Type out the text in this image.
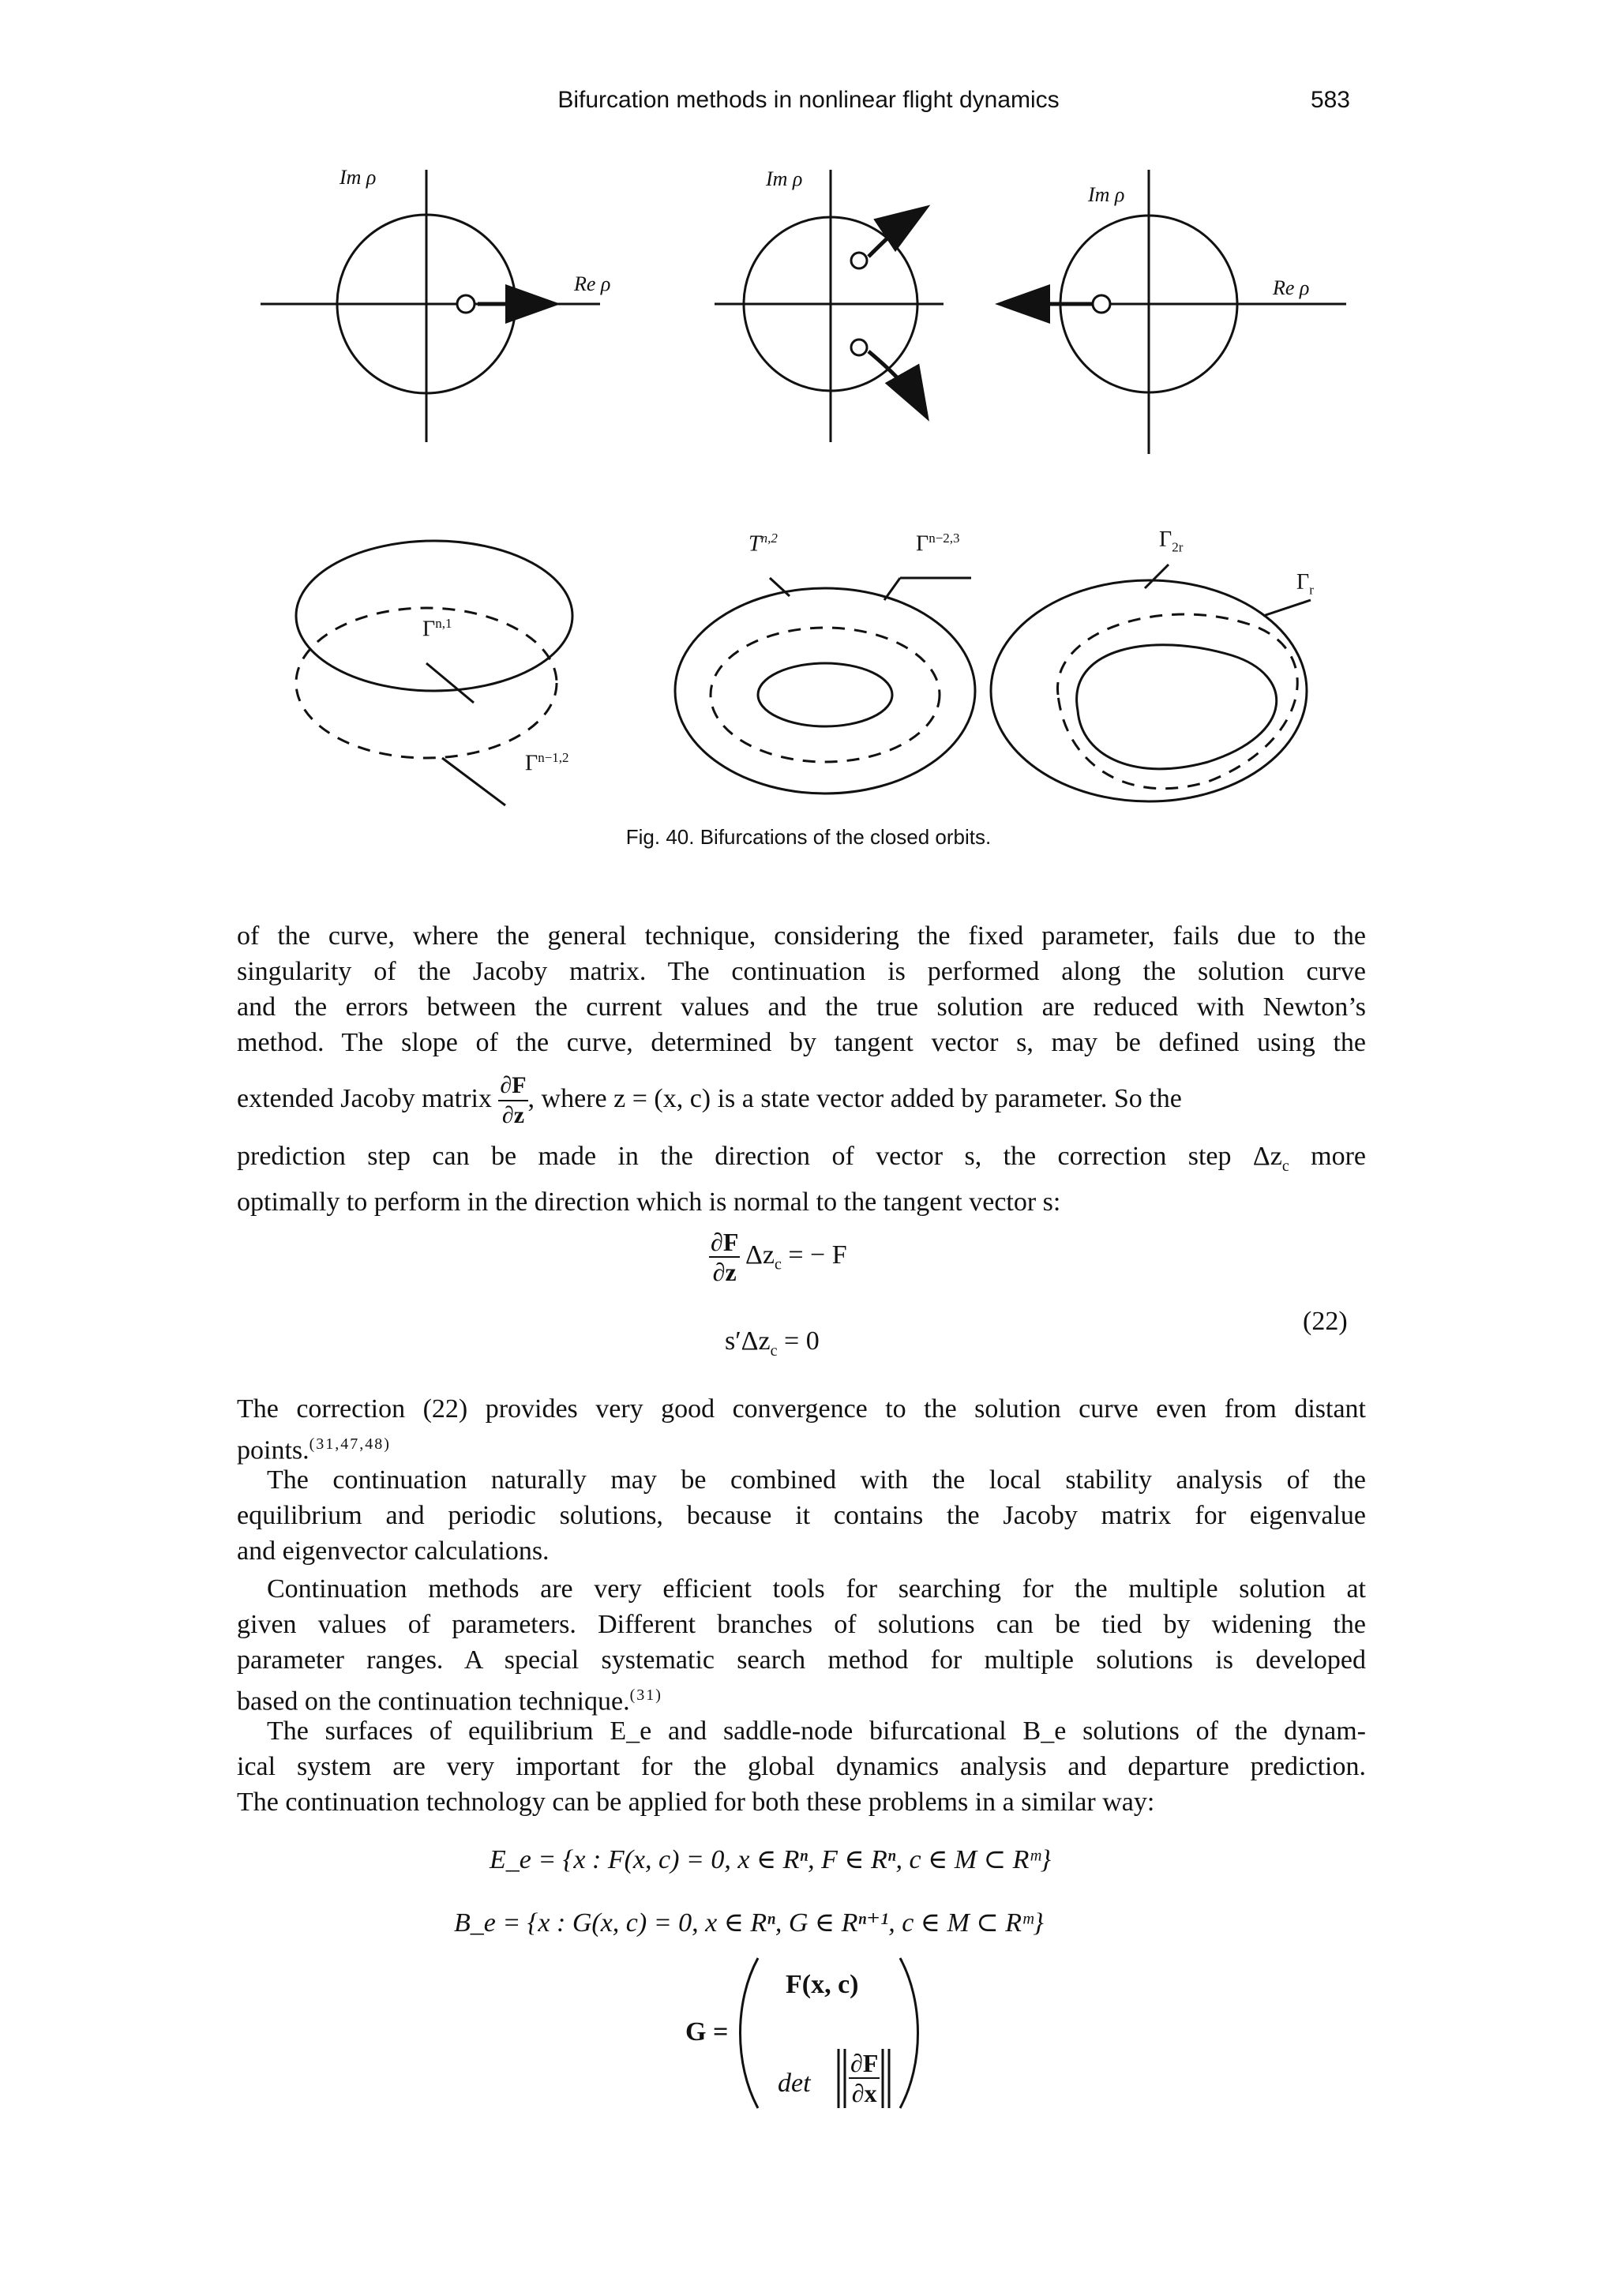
Bifurcation methods in nonlinear flight dynamics	583
Im ρ
Re ρ
Im ρ
Im ρ
Re ρ
Γ$^{n,1}$
$\Gamma^{n-1,2}$
T$^{n,2}$	$\Gamma^{n-2,3}$	$\Gamma_{2r}$
$\Gamma_r$
Fig. 40. Bifurcations of the closed orbits.
of the curve, where the general technique, considering the fixed parameter, fails due to the
singularity of the Jacoby matrix. The continuation is performed along the solution curve
and the errors between the current values and the true solution are reduced with Newton’s
method. The slope of the curve, determined by tangent vector s, may be defined using the
extended Jacoby matrix $\frac{\partial F}{\partial z}$ , where z = (x, c) is a state vector added by parameter. So the
prediction step can be made in the direction of vector s, the correction step $\Delta z_c$ more
optimally to perform in the direction which is normal to the tangent vector s:
$\frac{\partial F}{\partial z} \Delta z_c$ = − F
$s'\Delta z_c = 0$
(22)
The correction (22) provides very good convergence to the solution curve even from distant
points.$^{(31,47,48)}$
The continuation naturally may be combined with the local stability analysis of the
equilibrium and periodic solutions, because it contains the Jacoby matrix for eigenvalue
and eigenvector calculations.
Continuation methods are very efficient tools for searching for the multiple solution at
given values of parameters. Different branches of solutions can be tied by widening the
parameter ranges. A special systematic search method for multiple solutions is developed
based on the continuation technique.$^{(31)}$
The surfaces of equilibrium E_e and saddle-node bifurcational B_e solutions of the dynam-
ical system are very important for the global dynamics analysis and departure prediction.
The continuation technology can be applied for both these problems in a similar way:
E_e = {x : F(x, c) = 0, x ∈ Rⁿ, F ∈ Rⁿ, c ∈ M ⊂ Rᵐ}
B_e = {x : G(x, c) = 0, x ∈ Rⁿ, G ∈ Rⁿ⁺¹, c ∈ M ⊂ Rᵐ}
G =
F(x, c)
$\det \frac{\partial F}{\partial x}$
